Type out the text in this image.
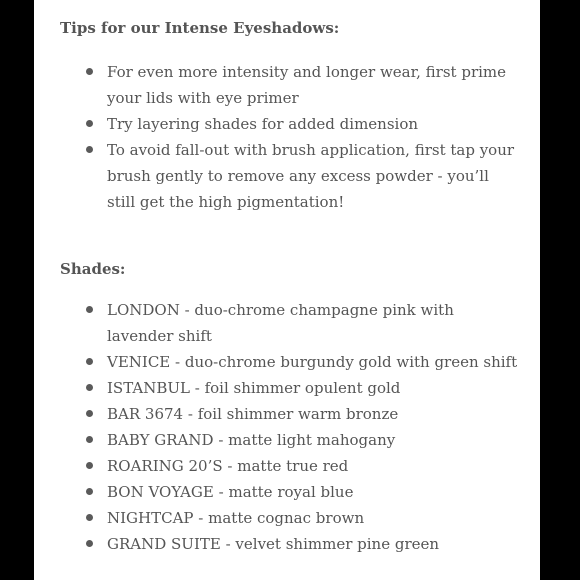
Tips for our Intense Eyeshadows:
For even more intensity and longer wear, first prime your lids with eye primer
Try layering shades for added dimension
To avoid fall-out with brush application, first tap your brush gently to remove any excess powder - you’ll still get the high pigmentation!
Shades:
LONDON - duo-chrome champagne pink with lavender shift
VENICE - duo-chrome burgundy gold with green shift
ISTANBUL - foil shimmer opulent gold
BAR 3674 - foil shimmer warm bronze
BABY GRAND - matte light mahogany
ROARING 20’S - matte true red
BON VOYAGE - matte royal blue
NIGHTCAP - matte cognac brown
GRAND SUITE - velvet shimmer pine green
